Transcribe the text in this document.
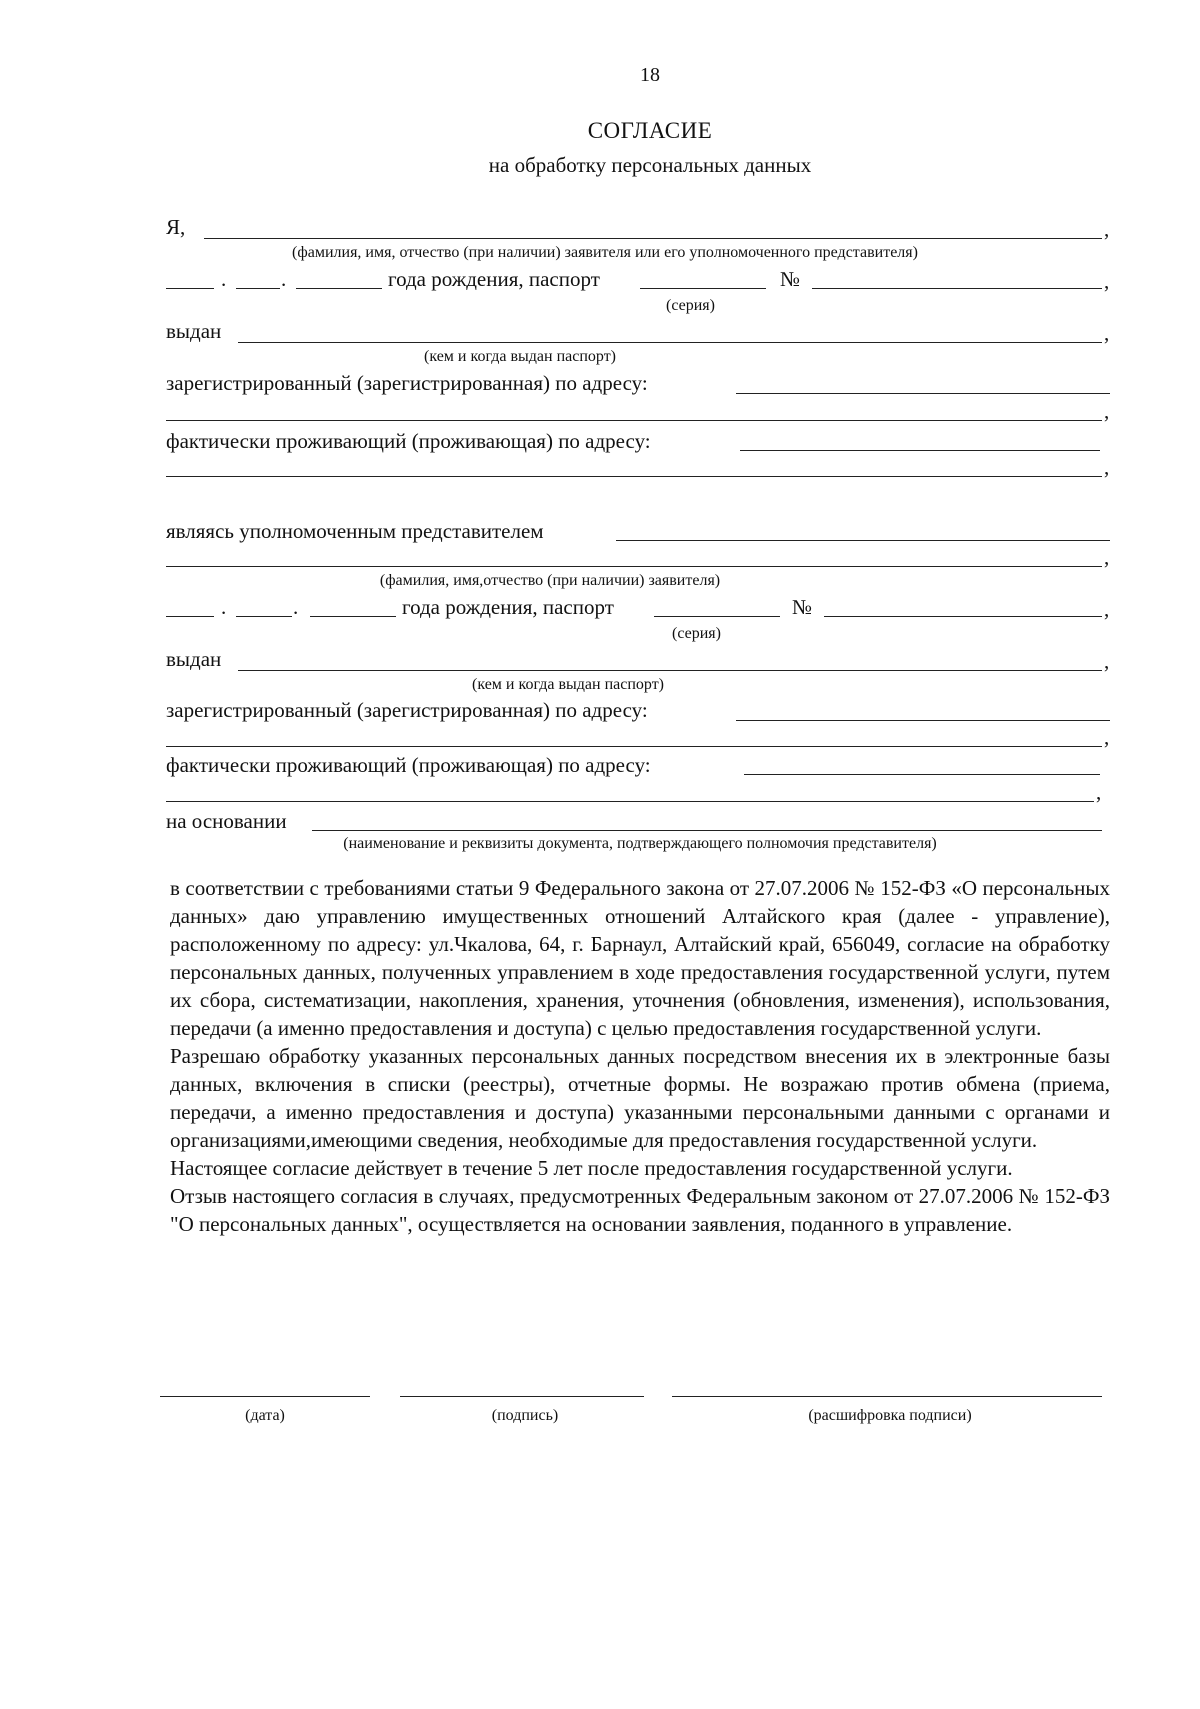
18
СОГЛАСИЕ
на обработку персональных данных
Я,	,
(фамилия, имя, отчество (при наличии) заявителя или его уполномоченного представителя)
.	.	года рождения, паспорт	№	,
(серия)
выдан	,
(кем и когда выдан паспорт)
зарегистрированный (зарегистрированная) по адресу:
,
фактически проживающий (проживающая) по адресу:
,
являясь уполномоченным представителем
,
(фамилия, имя,отчество (при наличии) заявителя)
.	.	года рождения, паспорт	№	,
(серия)
выдан	,
(кем и когда выдан паспорт)
зарегистрированный (зарегистрированная) по адресу:
,
фактически проживающий (проживающая) по адресу:
,
на основании
(наименование и реквизиты документа, подтверждающего полномочия представителя)

в соответствии с требованиями статьи 9 Федерального закона от 27.07.2006 № 152-ФЗ «О персональных данных» даю управлению имущественных отношений Алтайского края (далее - управление), расположенному по адресу: ул.Чкалова, 64, г. Барнаул, Алтайский край, 656049, согласие на обработку персональных данных, полученных управлением в ходе предоставления государственной услуги, путем их сбора, систематизации, накопления, хранения, уточнения (обновления, изменения), использования, передачи (а именно предоставления и доступа) с целью предоставления государственной услуги.

Разрешаю обработку указанных персональных данных посредством внесения их в электронные базы данных, включения в списки (реестры), отчетные формы. Не возражаю против обмена (приема, передачи, а именно предоставления и доступа) указанными персональными данными с органами и организациями,имеющими сведения, необходимые для предоставления государственной услуги.

Настоящее согласие действует в течение 5 лет после предоставления государственной услуги.

Отзыв настоящего согласия в случаях, предусмотренных Федеральным законом от 27.07.2006 № 152-ФЗ "О персональных данных", осуществляется на основании заявления, поданного в управление.

(дата)	(подпись)	(расшифровка подписи)
